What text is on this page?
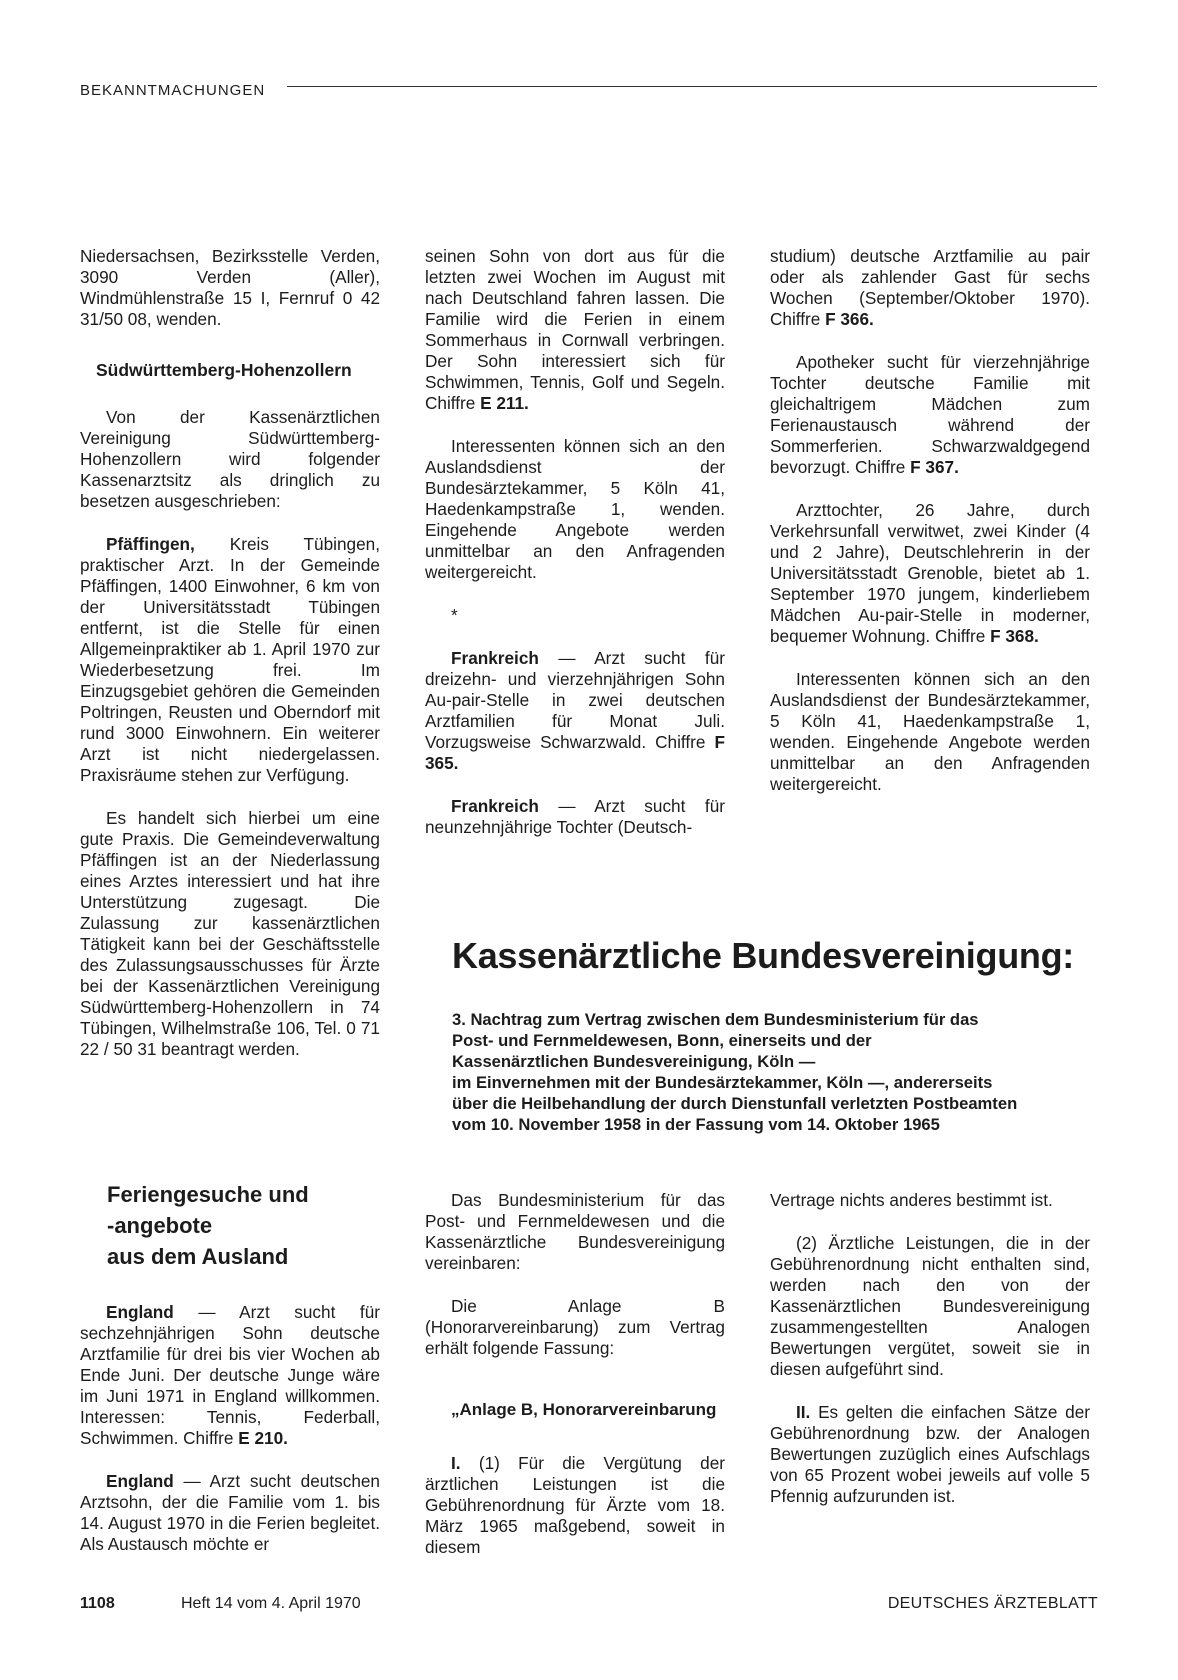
BEKANNTMACHUNGEN

Niedersachsen, Bezirksstelle Verden, 3090 Verden (Aller), Windmühlenstraße 15 I, Fernruf 0 42 31/50 08, wenden.

Südwürttemberg-Hohenzollern

Von der Kassenärztlichen Vereinigung Südwürttemberg-Hohenzollern wird folgender Kassenarztsitz als dringlich zu besetzen ausgeschrieben:

Pfäffingen, Kreis Tübingen, praktischer Arzt. In der Gemeinde Pfäffingen, 1400 Einwohner, 6 km von der Universitätsstadt Tübingen entfernt, ist die Stelle für einen Allgemeinpraktiker ab 1. April 1970 zur Wiederbesetzung frei. Im Einzugsgebiet gehören die Gemeinden Poltringen, Reusten und Oberndorf mit rund 3000 Einwohnern. Ein weiterer Arzt ist nicht niedergelassen. Praxisräume stehen zur Verfügung.

Es handelt sich hierbei um eine gute Praxis. Die Gemeindeverwaltung Pfäffingen ist an der Niederlassung eines Arztes interessiert und hat ihre Unterstützung zugesagt. Die Zulassung zur kassenärztlichen Tätigkeit kann bei der Geschäftsstelle des Zulassungsausschusses für Ärzte bei der Kassenärztlichen Vereinigung Südwürttemberg-Hohenzollern in 74 Tübingen, Wilhelmstraße 106, Tel. 0 71 22 / 50 31 beantragt werden.

seinen Sohn von dort aus für die letzten zwei Wochen im August mit nach Deutschland fahren lassen. Die Familie wird die Ferien in einem Sommerhaus in Cornwall verbringen. Der Sohn interessiert sich für Schwimmen, Tennis, Golf und Segeln. Chiffre E 211.

Interessenten können sich an den Auslandsdienst der Bundesärztekammer, 5 Köln 41, Haedenkampstraße 1, wenden. Eingehende Angebote werden unmittelbar an den Anfragenden weitergereicht.

*

Frankreich — Arzt sucht für dreizehn- und vierzehnjährigen Sohn Au-pair-Stelle in zwei deutschen Arztfamilien für Monat Juli. Vorzugsweise Schwarzwald. Chiffre F 365.

Frankreich — Arzt sucht für neunzehnjährige Tochter (Deutsch-

studium) deutsche Arztfamilie au pair oder als zahlender Gast für sechs Wochen (September/Oktober 1970). Chiffre F 366.

Apotheker sucht für vierzehnjährige Tochter deutsche Familie mit gleichaltrigem Mädchen zum Ferienaustausch während der Sommerferien. Schwarzwaldgegend bevorzugt. Chiffre F 367.

Arzttochter, 26 Jahre, durch Verkehrsunfall verwitwet, zwei Kinder (4 und 2 Jahre), Deutschlehrerin in der Universitätsstadt Grenoble, bietet ab 1. September 1970 jungem, kinderliebem Mädchen Au-pair-Stelle in moderner, bequemer Wohnung. Chiffre F 368.

Interessenten können sich an den Auslandsdienst der Bundesärztekammer, 5 Köln 41, Haedenkampstraße 1, wenden. Eingehende Angebote werden unmittelbar an den Anfragenden weitergereicht.

Kassenärztliche Bundesvereinigung:
3. Nachtrag zum Vertrag zwischen dem Bundesministerium für das
Post- und Fernmeldewesen, Bonn, einerseits und der
Kassenärztlichen Bundesvereinigung, Köln —
im Einvernehmen mit der Bundesärztekammer, Köln —, andererseits
über die Heilbehandlung der durch Dienstunfall verletzten Postbeamten
vom 10. November 1958 in der Fassung vom 14. Oktober 1965
Feriengesuche und
-angebote
aus dem Ausland

England — Arzt sucht für sechzehnjährigen Sohn deutsche Arztfamilie für drei bis vier Wochen ab Ende Juni. Der deutsche Junge wäre im Juni 1971 in England willkommen. Interessen: Tennis, Federball, Schwimmen. Chiffre E 210.

England — Arzt sucht deutschen Arztsohn, der die Familie vom 1. bis 14. August 1970 in die Ferien begleitet. Als Austausch möchte er

Das Bundesministerium für das Post- und Fernmeldewesen und die Kassenärztliche Bundesvereinigung vereinbaren:

Die Anlage B (Honorarvereinbarung) zum Vertrag erhält folgende Fassung:

„Anlage B, Honorarvereinbarung

I. (1) Für die Vergütung der ärztlichen Leistungen ist die Gebührenordnung für Ärzte vom 18. März 1965 maßgebend, soweit in diesem

Vertrage nichts anderes bestimmt ist.

(2) Ärztliche Leistungen, die in der Gebührenordnung nicht enthalten sind, werden nach den von der Kassenärztlichen Bundesvereinigung zusammengestellten Analogen Bewertungen vergütet, soweit sie in diesen aufgeführt sind.

II. Es gelten die einfachen Sätze der Gebührenordnung bzw. der Analogen Bewertungen zuzüglich eines Aufschlags von 65 Prozent wobei jeweils auf volle 5 Pfennig aufzurunden ist.

1108	Heft 14 vom 4. April 1970	DEUTSCHES ÄRZTEBLATT
